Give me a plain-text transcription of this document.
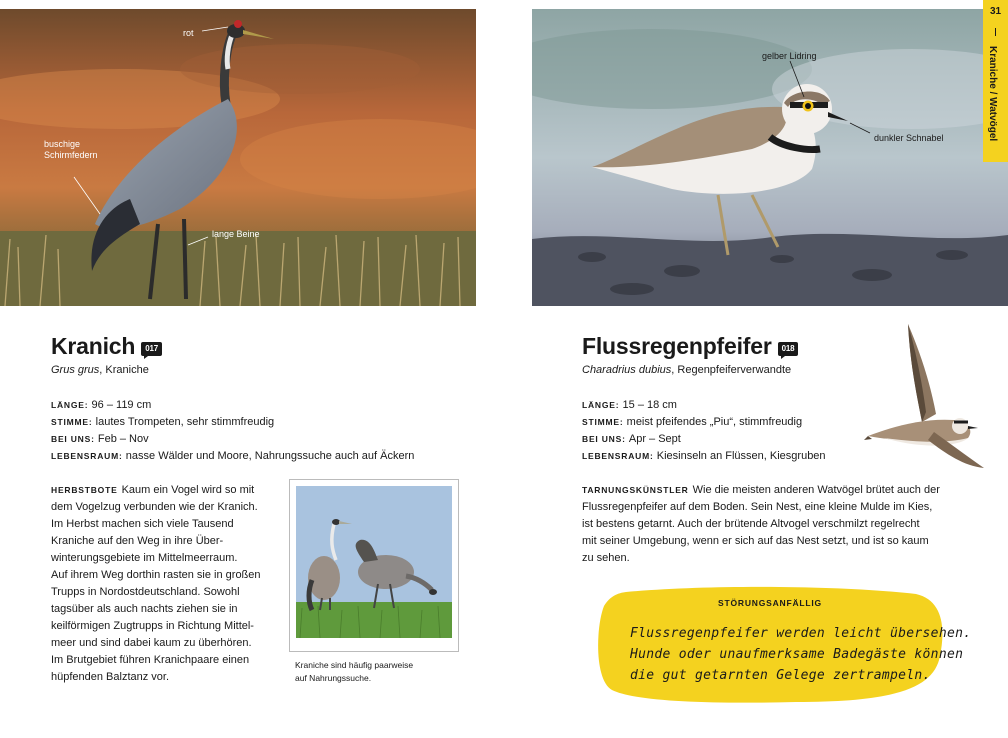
rot
buschige
Schirmfedern
lange Beine
gelber Lidring
dunkler Schnabel
31
Kraniche / Watvögel
Kranich 017
Grus grus, Kraniche
LÄNGE: 96 – 119 cm
STIMME: lautes Trompeten, sehr stimmfreudig
BEI UNS: Feb – Nov
LEBENSRAUM: nasse Wälder und Moore, Nahrungssuche auch auf Äckern
HERBSTBOTE Kaum ein Vogel wird so mit
dem Vogelzug verbunden wie der Kranich.
Im Herbst machen sich viele Tausend
Kraniche auf den Weg in ihre Über-
winterungsgebiete im Mittelmeerraum.
Auf ihrem Weg dorthin rasten sie in großen
Trupps in Nordostdeutschland. Sowohl
tagsüber als auch nachts ziehen sie in
keilförmigen Zugtrupps in Richtung Mittel-
meer und sind dabei kaum zu überhören.
Im Brutgebiet führen Kranichpaare einen
hüpfenden Balztanz vor.
Kraniche sind häufig paarweise
auf Nahrungssuche.
Flussregenpfeifer 018
Charadrius dubius, Regenpfeiferverwandte
LÄNGE: 15 – 18 cm
STIMME: meist pfeifendes „Piu“, stimmfreudig
BEI UNS: Apr – Sept
LEBENSRAUM: Kiesinseln an Flüssen, Kiesgruben
TARNUNGSKÜNSTLER Wie die meisten anderen Watvögel brütet auch der
Flussregenpfeifer auf dem Boden. Sein Nest, eine kleine Mulde im Kies,
ist bestens getarnt. Auch der brütende Altvogel verschmilzt regelrecht
mit seiner Umgebung, wenn er sich auf das Nest setzt, und ist so kaum
zu sehen.
STÖRUNGSANFÄLLIG
Flussregenpfeifer werden leicht übersehen.
Hunde oder unaufmerksame Badegäste können
die gut getarnten Gelege zertrampeln.
